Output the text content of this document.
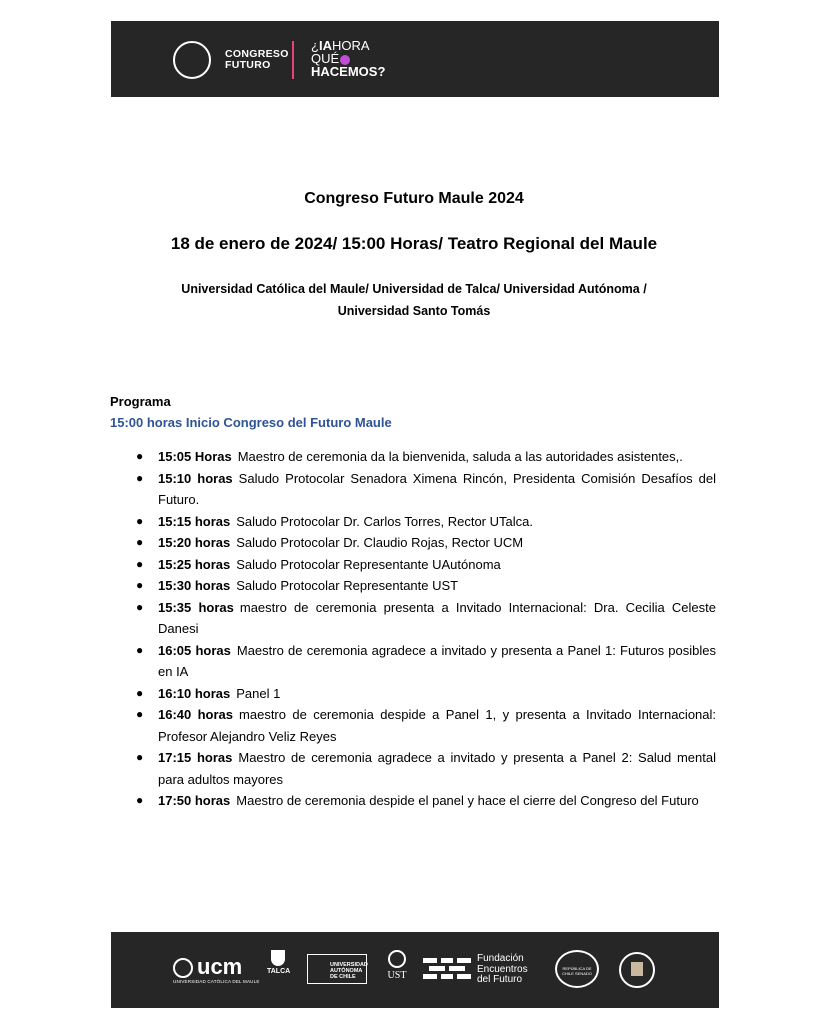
CONGRESO
FUTURO
¿IAHORA
QUÉ
HACEMOS?
Congreso Futuro Maule 2024
18 de enero de 2024/ 15:00 Horas/ Teatro Regional del Maule
Universidad Católica del Maule/ Universidad de Talca/ Universidad Autónoma /
Universidad Santo Tomás
Programa
15:00 horas Inicio Congreso del Futuro Maule
● 15:05 Horas Maestro de ceremonia da la bienvenida, saluda a las autoridades asistentes,.
● 15:10 horas Saludo Protocolar Senadora Ximena Rincón, Presidenta Comisión Desafíos del Futuro.
● 15:15 horas Saludo Protocolar Dr. Carlos Torres, Rector UTalca.
● 15:20 horas Saludo Protocolar Dr. Claudio Rojas, Rector UCM
● 15:25 horas Saludo Protocolar Representante UAutónoma
● 15:30 horas Saludo Protocolar Representante UST
● 15:35 horas maestro de ceremonia presenta a Invitado Internacional: Dra. Cecilia Celeste Danesi
● 16:05 horas Maestro de ceremonia agradece a invitado y presenta a Panel 1: Futuros posibles en IA
● 16:10 horas Panel 1
● 16:40 horas maestro de ceremonia despide a Panel 1, y presenta a Invitado Internacional: Profesor Alejandro Veliz Reyes
● 17:15 horas Maestro de ceremonia agradece a invitado y presenta a Panel 2: Salud mental para adultos mayores
● 17:50 horas Maestro de ceremonia despide el panel y hace el cierre del Congreso del Futuro
ucm
UNIVERSIDAD CATÓLICA DEL MAULE
TALCA
UNIVERSIDAD AUTÓNOMA DE CHILE	UST
Fundación
Encuentros
del Futuro
REPÚBLICA DE CHILE SENADO
